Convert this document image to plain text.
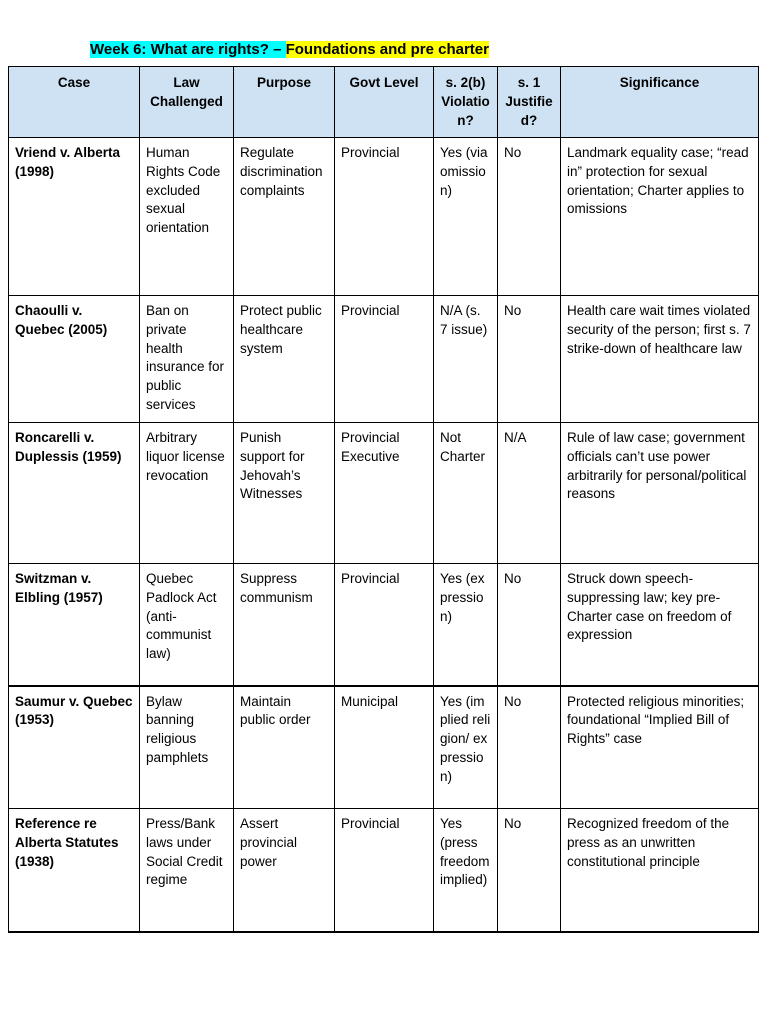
Week 6: What are rights? – Foundations and pre charter
Case	Law Challenged	Purpose	Govt Level	s. 2(b) Violation?	s. 1 Justified?	Significance
Vriend v. Alberta (1998)	Human Rights Code excluded sexual orientation	Regulate discrimination complaints	Provincial	Yes (via omission)	No	Landmark equality case; “read in” protection for sexual orientation; Charter applies to omissions
Chaoulli v. Quebec (2005)	Ban on private health insurance for public services	Protect public healthcare system	Provincial	N/A (s. 7 issue)	No	Health care wait times violated security of the person; first s. 7 strike-down of healthcare law
Roncarelli v. Duplessis (1959)	Arbitrary liquor license revocation	Punish support for Jehovah’s Witnesses	Provincial Executive	Not Charter	N/A	Rule of law case; government officials can’t use power arbitrarily for personal/political reasons
Switzman v. Elbling (1957)	Quebec Padlock Act (anti-communist law)	Suppress communism	Provincial	Yes (expression)	No	Struck down speech-suppressing law; key pre-Charter case on freedom of expression
Saumur v. Quebec (1953)	Bylaw banning religious pamphlets	Maintain public order	Municipal	Yes (implied religion/ expression)	No	Protected religious minorities; foundational “Implied Bill of Rights” case
Reference re Alberta Statutes (1938)	Press/Bank laws under Social Credit regime	Assert provincial power	Provincial	Yes (press freedom implied)	No	Recognized freedom of the press as an unwritten constitutional principle
